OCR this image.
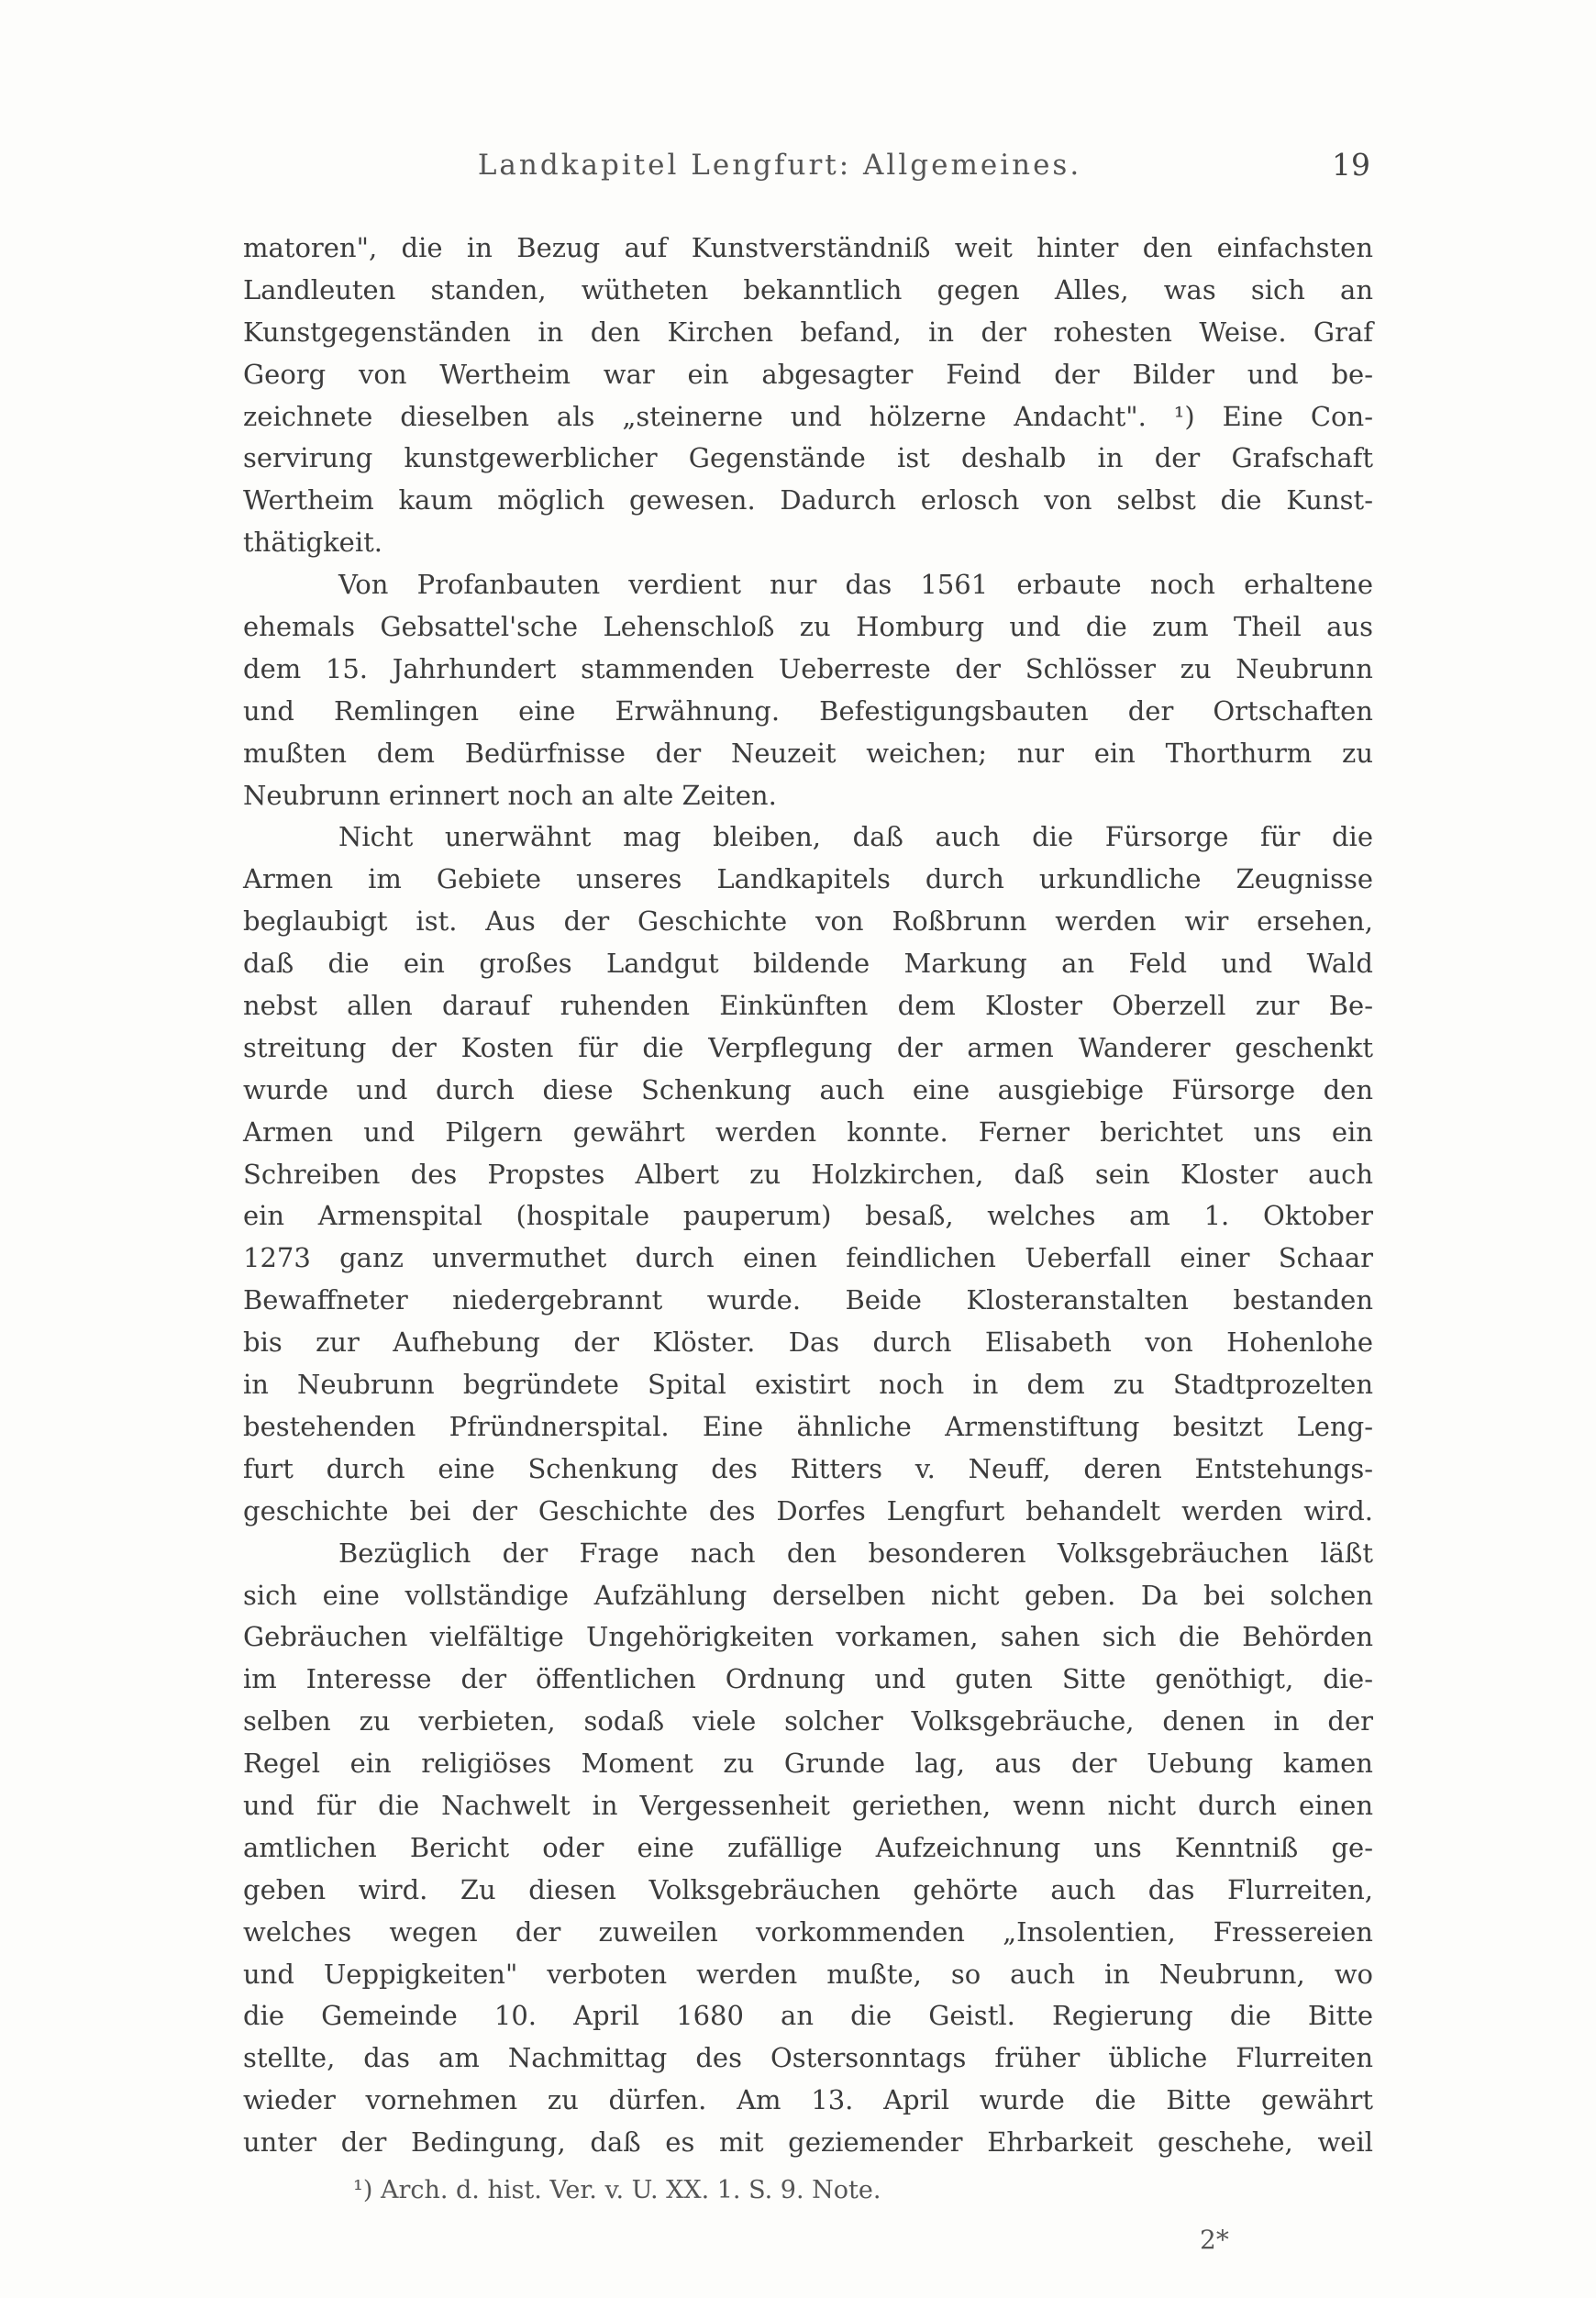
Landkapitel Lengfurt: Allgemeines.	19
matoren", die in Bezug auf Kunstverständniß weit hinter den einfachsten
Landleuten standen, wütheten bekanntlich gegen Alles, was sich an
Kunstgegenständen in den Kirchen befand, in der rohesten Weise. Graf
Georg von Wertheim war ein abgesagter Feind der Bilder und be-
zeichnete dieselben als „steinerne und hölzerne Andacht". ¹) Eine Con-
servirung kunstgewerblicher Gegenstände ist deshalb in der Grafschaft
Wertheim kaum möglich gewesen. Dadurch erlosch von selbst die Kunst-
thätigkeit.
Von Profanbauten verdient nur das 1561 erbaute noch erhaltene
ehemals Gebsattel'sche Lehenschloß zu Homburg und die zum Theil aus
dem 15. Jahrhundert stammenden Ueberreste der Schlösser zu Neubrunn
und Remlingen eine Erwähnung. Befestigungsbauten der Ortschaften
mußten dem Bedürfnisse der Neuzeit weichen; nur ein Thorthurm zu
Neubrunn erinnert noch an alte Zeiten.
Nicht unerwähnt mag bleiben, daß auch die Fürsorge für die
Armen im Gebiete unseres Landkapitels durch urkundliche Zeugnisse
beglaubigt ist. Aus der Geschichte von Roßbrunn werden wir ersehen,
daß die ein großes Landgut bildende Markung an Feld und Wald
nebst allen darauf ruhenden Einkünften dem Kloster Oberzell zur Be-
streitung der Kosten für die Verpflegung der armen Wanderer geschenkt
wurde und durch diese Schenkung auch eine ausgiebige Fürsorge den
Armen und Pilgern gewährt werden konnte. Ferner berichtet uns ein
Schreiben des Propstes Albert zu Holzkirchen, daß sein Kloster auch
ein Armenspital (hospitale pauperum) besaß, welches am 1. Oktober
1273 ganz unvermuthet durch einen feindlichen Ueberfall einer Schaar
Bewaffneter niedergebrannt wurde. Beide Klosteranstalten bestanden
bis zur Aufhebung der Klöster. Das durch Elisabeth von Hohenlohe
in Neubrunn begründete Spital existirt noch in dem zu Stadtprozelten
bestehenden Pfründnerspital. Eine ähnliche Armenstiftung besitzt Leng-
furt durch eine Schenkung des Ritters v. Neuff, deren Entstehungs-
geschichte bei der Geschichte des Dorfes Lengfurt behandelt werden wird.
Bezüglich der Frage nach den besonderen Volksgebräuchen läßt
sich eine vollständige Aufzählung derselben nicht geben. Da bei solchen
Gebräuchen vielfältige Ungehörigkeiten vorkamen, sahen sich die Behörden
im Interesse der öffentlichen Ordnung und guten Sitte genöthigt, die-
selben zu verbieten, sodaß viele solcher Volksgebräuche, denen in der
Regel ein religiöses Moment zu Grunde lag, aus der Uebung kamen
und für die Nachwelt in Vergessenheit geriethen, wenn nicht durch einen
amtlichen Bericht oder eine zufällige Aufzeichnung uns Kenntniß ge-
geben wird. Zu diesen Volksgebräuchen gehörte auch das Flurreiten,
welches wegen der zuweilen vorkommenden „Insolentien, Fressereien
und Ueppigkeiten" verboten werden mußte, so auch in Neubrunn, wo
die Gemeinde 10. April 1680 an die Geistl. Regierung die Bitte
stellte, das am Nachmittag des Ostersonntags früher übliche Flurreiten
wieder vornehmen zu dürfen. Am 13. April wurde die Bitte gewährt
unter der Bedingung, daß es mit geziemender Ehrbarkeit geschehe, weil
¹) Arch. d. hist. Ver. v. U. XX. 1. S. 9. Note.
2*
